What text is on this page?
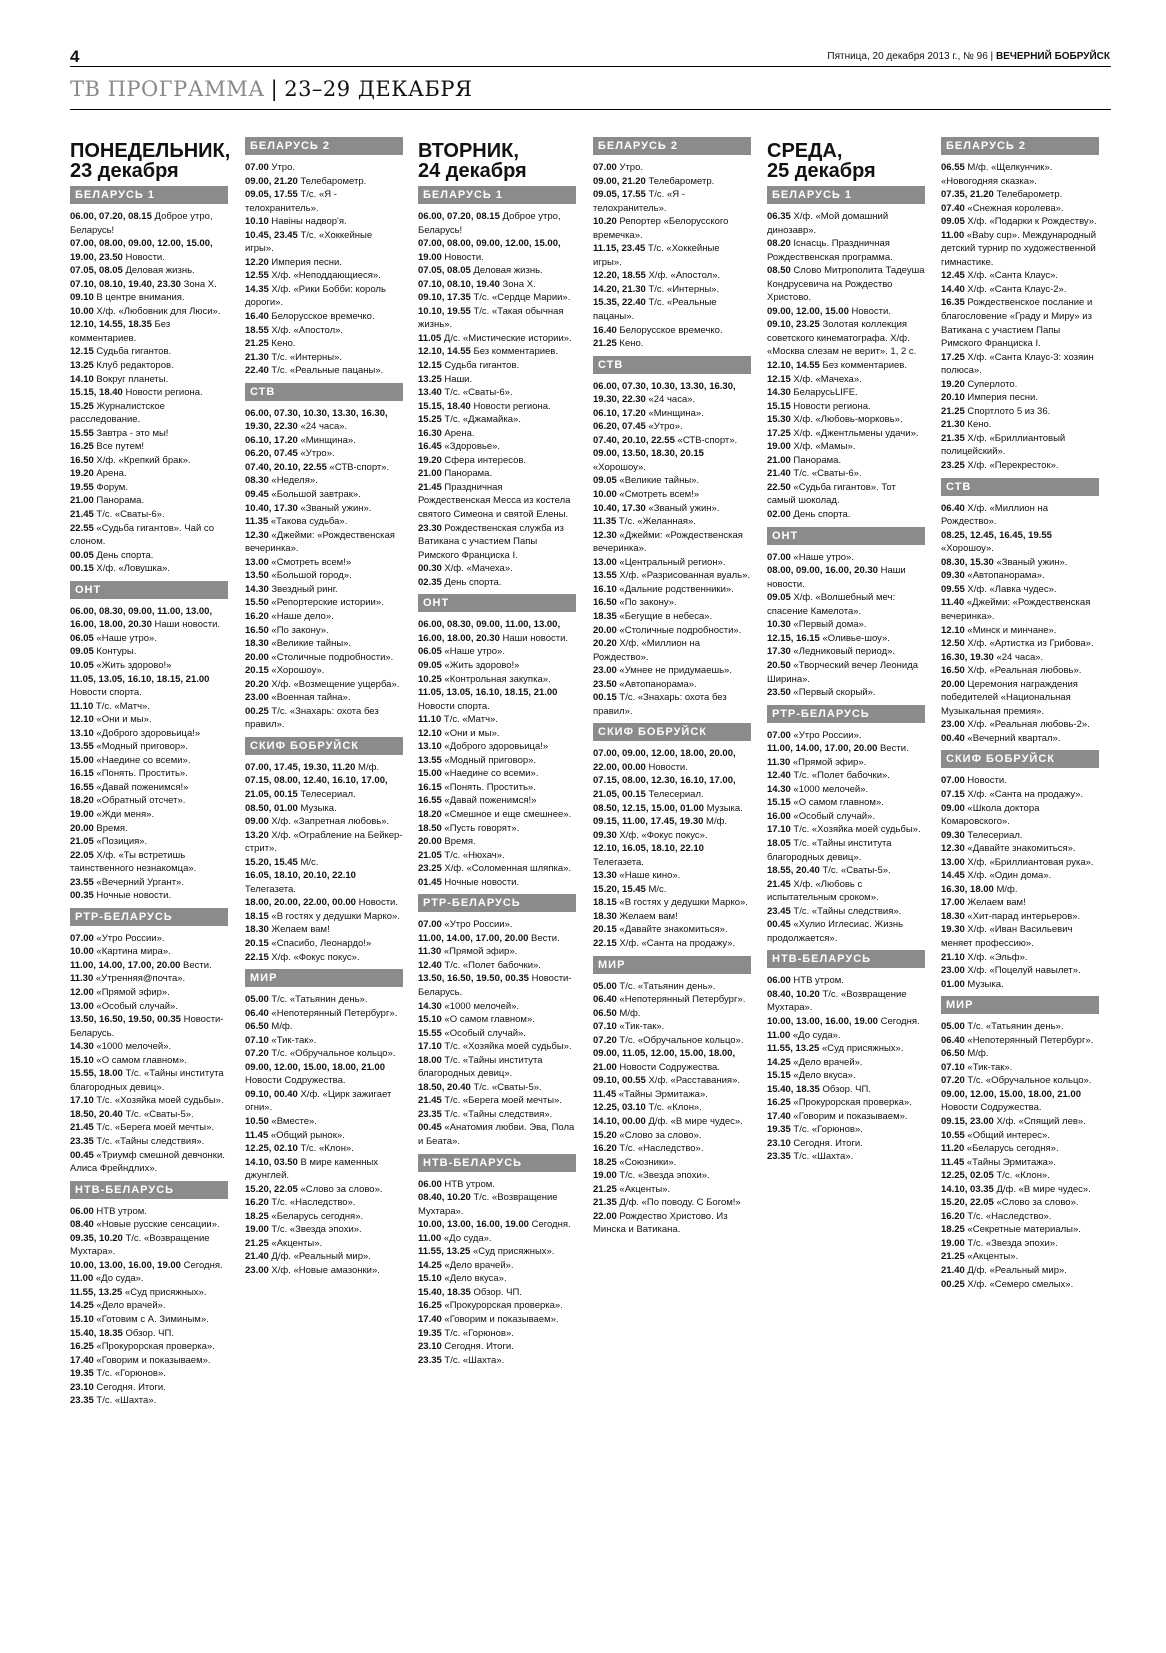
4	Пятница, 20 декабря 2013 г., № 96 | ВЕЧЕРНИЙ БОБРУЙСК
ТВ ПРОГРАММА | 23–29 ДЕКАБРЯ
ПОНЕДЕЛЬНИК,
23 декабря
БЕЛАРУСЬ 1

06.00, 07.20, 08.15 Доброе утро, Беларусь!

07.00, 08.00, 09.00, 12.00, 15.00, 19.00, 23.50 Новости.

07.05, 08.05 Деловая жизнь.

07.10, 08.10, 19.40, 23.30 Зона Х.

09.10 В центре внимания.

10.00 Х/ф. «Любовник для Люси».

12.10, 14.55, 18.35 Без комментариев.

12.15 Судьба гигантов.

13.25 Клуб редакторов.

14.10 Вокруг планеты.

15.15, 18.40 Новости региона.

15.25 Журналистское расследование.

15.55 Завтра - это мы!

16.25 Все путем!

16.50 Х/ф. «Крепкий брак».

19.20 Арена.

19.55 Форум.

21.00 Панорама.

21.45 Т/с. «Сваты-6».

22.55 «Судьба гигантов». Чай со слоном.

00.05 День спорта.

00.15 Х/ф. «Ловушка».

ОНТ

06.00, 08.30, 09.00, 11.00, 13.00, 16.00, 18.00, 20.30 Наши новости.

06.05 «Наше утро».

09.05 Контуры.

10.05 «Жить здорово!»

11.05, 13.05, 16.10, 18.15, 21.00 Новости спорта.

11.10 Т/с. «Матч».

12.10 «Они и мы».

13.10 «Доброго здоровьица!»

13.55 «Модный приговор».

15.00 «Наедине со всеми».

16.15 «Понять. Простить».

16.55 «Давай поженимся!»

18.20 «Обратный отсчет».

19.00 «Жди меня».

20.00 Время.

21.05 «Позиция».

22.05 Х/ф. «Ты встретишь таинственного незнакомца».

23.55 «Вечерний Ургант».

00.35 Ночные новости.

РТР-БЕЛАРУСЬ

07.00 «Утро России».

10.00 «Картина мира».

11.00, 14.00, 17.00, 20.00 Вести.

11.30 «Утренняя@почта».

12.00 «Прямой эфир».

13.00 «Особый случай».

13.50, 16.50, 19.50, 00.35 Новости-Беларусь.

14.30 «1000 мелочей».

15.10 «О самом главном».

15.55, 18.00 Т/с. «Тайны института благородных девиц».

17.10 Т/с. «Хозяйка моей судьбы».

18.50, 20.40 Т/с. «Сваты-5».

21.45 Т/с. «Берега моей мечты».

23.35 Т/с. «Тайны следствия».

00.45 «Триумф смешной девчонки. Алиса Фрейндлих».

НТВ-БЕЛАРУСЬ

06.00 НТВ утром.

08.40 «Новые русские сенсации».

09.35, 10.20 Т/с. «Возвращение Мухтара».

10.00, 13.00, 16.00, 19.00 Сегодня.

11.00 «До суда».

11.55, 13.25 «Суд присяжных».

14.25 «Дело врачей».

15.10 «Готовим с А. Зиминым».

15.40, 18.35 Обзор. ЧП.

16.25 «Прокурорская проверка».

17.40 «Говорим и показываем».

19.35 Т/с. «Горюнов».

23.10 Сегодня. Итоги.

23.35 Т/с. «Шахта».

БЕЛАРУСЬ 2

07.00 Утро.

09.00, 21.20 Телебарометр.

09.05, 17.55 Т/с. «Я - телохранитель».

10.10 Навіны надвор'я.

10.45, 23.45 Т/с. «Хоккейные игры».

12.20 Империя песни.

12.55 Х/ф. «Неподдающиеся».

14.35 Х/ф. «Рики Бобби: король дороги».

16.40 Белорусское времечко.

18.55 Х/ф. «Апостол».

21.25 Кено.

21.30 Т/с. «Интерны».

22.40 Т/с. «Реальные пацаны».

СТВ

06.00, 07.30, 10.30, 13.30, 16.30, 19.30, 22.30 «24 часа».

06.10, 17.20 «Минщина».

06.20, 07.45 «Утро».

07.40, 20.10, 22.55 «СТВ-спорт».

08.30 «Неделя».

09.45 «Большой завтрак».

10.40, 17.30 «Званый ужин».

11.35 «Такова судьба».

12.30 «Джейми: «Рождественская вечеринка».

13.00 «Смотреть всем!»

13.50 «Большой город».

14.30 Звездный ринг.

15.50 «Репортерские истории».

16.20 «Наше дело».

16.50 «По закону».

18.30 «Великие тайны».

20.00 «Столичные подробности».

20.15 «Хорошоу».

20.20 Х/ф. «Возмещение ущерба».

23.00 «Военная тайна».

00.25 Т/с. «Знахарь: охота без правил».

СКИФ БОБРУЙСК

07.00, 17.45, 19.30, 11.20 М/ф.

07.15, 08.00, 12.40, 16.10, 17.00, 21.05, 00.15 Телесериал.

08.50, 01.00 Музыка.

09.00 Х/ф. «Запретная любовь».

13.20 Х/ф. «Ограбление на Бейкер-стрит».

15.20, 15.45 М/с.

16.05, 18.10, 20.10, 22.10 Телегазета.

18.00, 20.00, 22.00, 00.00 Новости.

18.15 «В гостях у дедушки Марко».

18.30 Желаем вам!

20.15 «Спасибо, Леонардо!»

22.15 Х/ф. «Фокус покус».

МИР

05.00 Т/с. «Татьянин день».

06.40 «Непотерянный Петербург».

06.50 М/ф.

07.10 «Тик-так».

07.20 Т/с. «Обручальное кольцо».

09.00, 12.00, 15.00, 18.00, 21.00 Новости Содружества.

09.10, 00.40 Х/ф. «Цирк зажигает огни».

10.50 «Вместе».

11.45 «Общий рынок».

12.25, 02.10 Т/с. «Клон».

14.10, 03.50 В мире каменных джунглей.

15.20, 22.05 «Слово за слово».

16.20 Т/с. «Наследство».

18.25 «Беларусь сегодня».

19.00 Т/с. «Звезда эпохи».

21.25 «Акценты».

21.40 Д/ф. «Реальный мир».

23.00 Х/ф. «Новые амазонки».

ВТОРНИК,
24 декабря
БЕЛАРУСЬ 1

06.00, 07.20, 08.15 Доброе утро, Беларусь!

07.00, 08.00, 09.00, 12.00, 15.00, 19.00 Новости.

07.05, 08.05 Деловая жизнь.

07.10, 08.10, 19.40 Зона Х.

09.10, 17.35 Т/с. «Сердце Марии».

10.10, 19.55 Т/с. «Такая обычная жизнь».

11.05 Д/с. «Мистические истории».

12.10, 14.55 Без комментариев.

12.15 Судьба гигантов.

13.25 Наши.

13.40 Т/с. «Сваты-6».

15.15, 18.40 Новости региона.

15.25 Т/с. «Джамайка».

16.30 Арена.

16.45 «Здоровье».

19.20 Сфера интересов.

21.00 Панорама.

21.45 Праздничная Рождественская Месса из костела святого Симеона и святой Елены.

23.30 Рождественская служба из Ватикана с участием Папы Римского Франциска I.

00.30 Х/ф. «Мачеха».

02.35 День спорта.

ОНТ

06.00, 08.30, 09.00, 11.00, 13.00, 16.00, 18.00, 20.30 Наши новости.

06.05 «Наше утро».

09.05 «Жить здорово!»

10.25 «Контрольная закупка».

11.05, 13.05, 16.10, 18.15, 21.00 Новости спорта.

11.10 Т/с. «Матч».

12.10 «Они и мы».

13.10 «Доброго здоровьица!»

13.55 «Модный приговор».

15.00 «Наедине со всеми».

16.15 «Понять. Простить».

16.55 «Давай поженимся!»

18.20 «Смешное и еще смешнее».

18.50 «Пусть говорят».

20.00 Время.

21.05 Т/с. «Нюхач».

23.25 Х/ф. «Соломенная шляпка».

01.45 Ночные новости.

РТР-БЕЛАРУСЬ

07.00 «Утро России».

11.00, 14.00, 17.00, 20.00 Вести.

11.30 «Прямой эфир».

12.40 Т/с. «Полет бабочки».

13.50, 16.50, 19.50, 00.35 Новости-Беларусь.

14.30 «1000 мелочей».

15.10 «О самом главном».

15.55 «Особый случай».

17.10 Т/с. «Хозяйка моей судьбы».

18.00 Т/с. «Тайны института благородных девиц».

18.50, 20.40 Т/с. «Сваты-5».

21.45 Т/с. «Берега моей мечты».

23.35 Т/с. «Тайны следствия».

00.45 «Анатомия любви. Эва, Пола и Беата».

НТВ-БЕЛАРУСЬ

06.00 НТВ утром.

08.40, 10.20 Т/с. «Возвращение Мухтара».

10.00, 13.00, 16.00, 19.00 Сегодня.

11.00 «До суда».

11.55, 13.25 «Суд присяжных».

14.25 «Дело врачей».

15.10 «Дело вкуса».

15.40, 18.35 Обзор. ЧП.

16.25 «Прокурорская проверка».

17.40 «Говорим и показываем».

19.35 Т/с. «Горюнов».

23.10 Сегодня. Итоги.

23.35 Т/с. «Шахта».

БЕЛАРУСЬ 2

07.00 Утро.

09.00, 21.20 Телебарометр.

09.05, 17.55 Т/с. «Я - телохранитель».

10.20 Репортер «Белорусского времечка».

11.15, 23.45 Т/с. «Хоккейные игры».

12.20, 18.55 Х/ф. «Апостол».

14.20, 21.30 Т/с. «Интерны».

15.35, 22.40 Т/с. «Реальные пацаны».

16.40 Белорусское времечко.

21.25 Кено.

СТВ

06.00, 07.30, 10.30, 13.30, 16.30, 19.30, 22.30 «24 часа».

06.10, 17.20 «Минщина».

06.20, 07.45 «Утро».

07.40, 20.10, 22.55 «СТВ-спорт».

09.00, 13.50, 18.30, 20.15 «Хорошоу».

09.05 «Великие тайны».

10.00 «Смотреть всем!»

10.40, 17.30 «Званый ужин».

11.35 Т/с. «Желанная».

12.30 «Джейми: «Рождественская вечеринка».

13.00 «Центральный регион».

13.55 Х/ф. «Разрисованная вуаль».

16.10 «Дальние родственники».

16.50 «По закону».

18.35 «Бегущие в небеса».

20.00 «Столичные подробности».

20.20 Х/ф. «Миллион на Рождество».

23.00 «Умнее не придумаешь».

23.50 «Автопанорама».

00.15 Т/с. «Знахарь: охота без правил».

СКИФ БОБРУЙСК

07.00, 09.00, 12.00, 18.00, 20.00, 22.00, 00.00 Новости.

07.15, 08.00, 12.30, 16.10, 17.00, 21.05, 00.15 Телесериал.

08.50, 12.15, 15.00, 01.00 Музыка.

09.15, 11.00, 17.45, 19.30 М/ф.

09.30 Х/ф. «Фокус покус».

12.10, 16.05, 18.10, 22.10 Телегазета.

13.30 «Наше кино».

15.20, 15.45 М/с.

18.15 «В гостях у дедушки Марко».

18.30 Желаем вам!

20.15 «Давайте знакомиться».

22.15 Х/ф. «Санта на продажу».

МИР

05.00 Т/с. «Татьянин день».

06.40 «Непотерянный Петербург».

06.50 М/ф.

07.10 «Тик-так».

07.20 Т/с. «Обручальное кольцо».

09.00, 11.05, 12.00, 15.00, 18.00, 21.00 Новости Содружества.

09.10, 00.55 Х/ф. «Расставания».

11.45 «Тайны Эрмитажа».

12.25, 03.10 Т/с. «Клон».

14.10, 00.00 Д/ф. «В мире чудес».

15.20 «Слово за слово».

16.20 Т/с. «Наследство».

18.25 «Союзники».

19.00 Т/с. «Звезда эпохи».

21.25 «Акценты».

21.35 Д/ф. «По поводу. С Богом!»

22.00 Рождество Христово. Из Минска и Ватикана.

СРЕДА,
25 декабря
БЕЛАРУСЬ 1

06.35 Х/ф. «Мой домашний динозавр».

08.20 Існасць. Праздничная Рождественская программа.

08.50 Слово Митрополита Тадеуша Кондрусевича на Рождество Христово.

09.00, 12.00, 15.00 Новости.

09.10, 23.25 Золотая коллекция советского кинематографа. Х/ф. «Москва слезам не верит». 1, 2 с.

12.10, 14.55 Без комментариев.

12.15 Х/ф. «Мачеха».

14.30 БеларусьLIFE.

15.15 Новости региона.

15.30 Х/ф. «Любовь-морковь».

17.25 Х/ф. «Джентльмены удачи».

19.00 Х/ф. «Мамы».

21.00 Панорама.

21.40 Т/с. «Сваты-6».

22.50 «Судьба гигантов». Тот самый шоколад.

02.00 День спорта.

ОНТ

07.00 «Наше утро».

08.00, 09.00, 16.00, 20.30 Наши новости.

09.05 Х/ф. «Волшебный меч: спасение Камелота».

10.30 «Первый дома».

12.15, 16.15 «Оливье-шоу».

17.30 «Ледниковый период».

20.50 «Творческий вечер Леонида Ширина».

23.50 «Первый скорый».

РТР-БЕЛАРУСЬ

07.00 «Утро России».

11.00, 14.00, 17.00, 20.00 Вести.

11.30 «Прямой эфир».

12.40 Т/с. «Полет бабочки».

14.30 «1000 мелочей».

15.15 «О самом главном».

16.00 «Особый случай».

17.10 Т/с. «Хозяйка моей судьбы».

18.05 Т/с. «Тайны института благородных девиц».

18.55, 20.40 Т/с. «Сваты-5».

21.45 Х/ф. «Любовь с испытательным сроком».

23.45 Т/с. «Тайны следствия».

00.45 «Хулио Иглесиас. Жизнь продолжается».

НТВ-БЕЛАРУСЬ

06.00 НТВ утром.

08.40, 10.20 Т/с. «Возвращение Мухтара».

10.00, 13.00, 16.00, 19.00 Сегодня.

11.00 «До суда».

11.55, 13.25 «Суд присяжных».

14.25 «Дело врачей».

15.15 «Дело вкуса».

15.40, 18.35 Обзор. ЧП.

16.25 «Прокурорская проверка».

17.40 «Говорим и показываем».

19.35 Т/с. «Горюнов».

23.10 Сегодня. Итоги.

23.35 Т/с. «Шахта».

БЕЛАРУСЬ 2

06.55 М/ф. «Щелкунчик». «Новогодняя сказка».

07.35, 21.20 Телебарометр.

07.40 «Снежная королева».

09.05 Х/ф. «Подарки к Рождеству».

11.00 «Baby cup». Международный детский турнир по художественной гимнастике.

12.45 Х/ф. «Санта Клаус».

14.40 Х/ф. «Санта Клаус-2».

16.35 Рождественское послание и благословение «Граду и Миру» из Ватикана с участием Папы Римского Франциска I.

17.25 Х/ф. «Санта Клаус-3: хозяин полюса».

19.20 Суперлото.

20.10 Империя песни.

21.25 Спортлото 5 из 36.

21.30 Кено.

21.35 Х/ф. «Бриллиантовый полицейский».

23.25 Х/ф. «Перекресток».

СТВ

06.40 Х/ф. «Миллион на Рождество».

08.25, 12.45, 16.45, 19.55 «Хорошоу».

08.30, 15.30 «Званый ужин».

09.30 «Автопанорама».

09.55 Х/ф. «Лавка чудес».

11.40 «Джейми: «Рождественская вечеринка».

12.10 «Минск и минчане».

12.50 Х/ф. «Артистка из Грибова».

16.30, 19.30 «24 часа».

16.50 Х/ф. «Реальная любовь».

20.00 Церемония награждения победителей «Национальная Музыкальная премия».

23.00 Х/ф. «Реальная любовь-2».

00.40 «Вечерний квартал».

СКИФ БОБРУЙСК

07.00 Новости.

07.15 Х/ф. «Санта на продажу».

09.00 «Школа доктора Комаровского».

09.30 Телесериал.

12.30 «Давайте знакомиться».

13.00 Х/ф. «Бриллиантовая рука».

14.45 Х/ф. «Один дома».

16.30, 18.00 М/ф.

17.00 Желаем вам!

18.30 «Хит-парад интерьеров».

19.30 Х/ф. «Иван Васильевич меняет профессию».

21.10 Х/ф. «Эльф».

23.00 Х/ф. «Поцелуй навылет».

01.00 Музыка.

МИР

05.00 Т/с. «Татьянин день».

06.40 «Непотерянный Петербург».

06.50 М/ф.

07.10 «Тик-так».

07.20 Т/с. «Обручальное кольцо».

09.00, 12.00, 15.00, 18.00, 21.00 Новости Содружества.

09.15, 23.00 Х/ф. «Спящий лев».

10.55 «Общий интерес».

11.20 «Беларусь сегодня».

11.45 «Тайны Эрмитажа».

12.25, 02.05 Т/с. «Клон».

14.10, 03.35 Д/ф. «В мире чудес».

15.20, 22.05 «Слово за слово».

16.20 Т/с. «Наследство».

18.25 «Секретные материалы».

19.00 Т/с. «Звезда эпохи».

21.25 «Акценты».

21.40 Д/ф. «Реальный мир».

00.25 Х/ф. «Семеро смелых».
